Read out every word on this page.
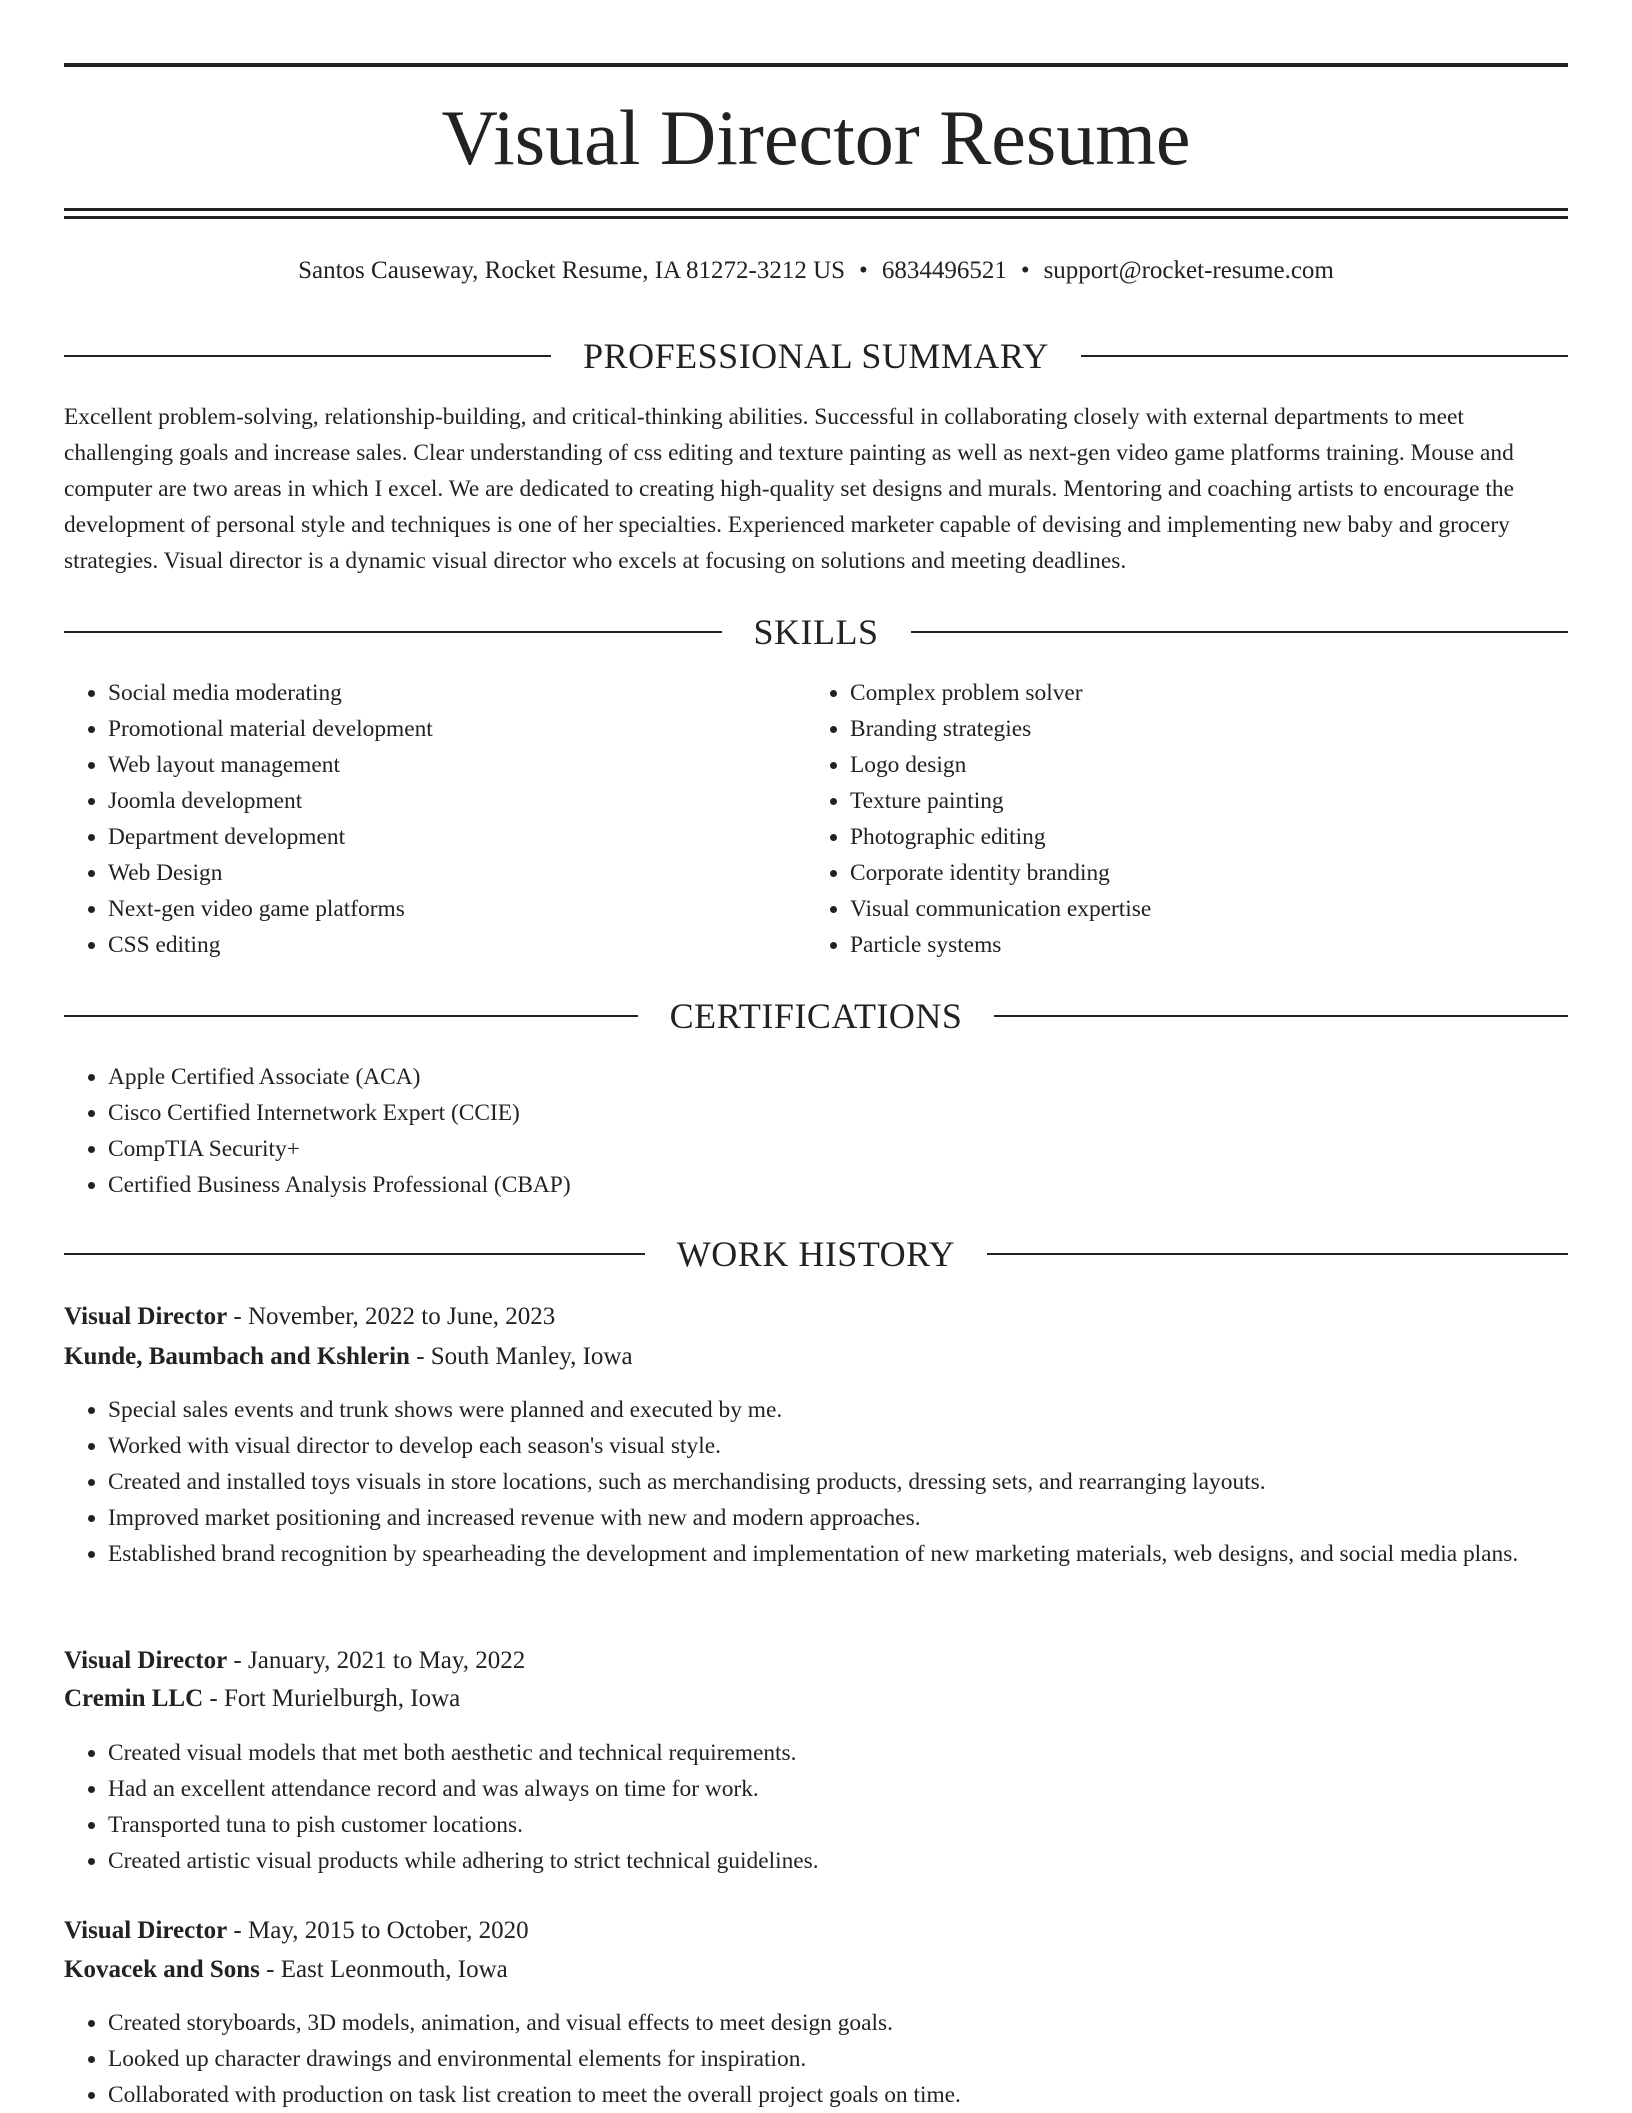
Visual Director Resume
Santos Causeway, Rocket Resume, IA 81272-3212 US • 6834496521 • support@rocket-resume.com
PROFESSIONAL SUMMARY
Excellent problem-solving, relationship-building, and critical-thinking abilities. Successful in collaborating closely with external departments to meet challenging goals and increase sales. Clear understanding of css editing and texture painting as well as next-gen video game platforms training. Mouse and computer are two areas in which I excel. We are dedicated to creating high-quality set designs and murals. Mentoring and coaching artists to encourage the development of personal style and techniques is one of her specialties. Experienced marketer capable of devising and implementing new baby and grocery strategies. Visual director is a dynamic visual director who excels at focusing on solutions and meeting deadlines.
SKILLS
• Social media moderating
• Promotional material development
• Web layout management
• Joomla development
• Department development
• Web Design
• Next-gen video game platforms
• CSS editing
• Complex problem solver
• Branding strategies
• Logo design
• Texture painting
• Photographic editing
• Corporate identity branding
• Visual communication expertise
• Particle systems
CERTIFICATIONS
• Apple Certified Associate (ACA)
• Cisco Certified Internetwork Expert (CCIE)
• CompTIA Security+
• Certified Business Analysis Professional (CBAP)
WORK HISTORY
Visual Director - November, 2022 to June, 2023
Kunde, Baumbach and Kshlerin - South Manley, Iowa
• Special sales events and trunk shows were planned and executed by me.
• Worked with visual director to develop each season's visual style.
• Created and installed toys visuals in store locations, such as merchandising products, dressing sets, and rearranging layouts.
• Improved market positioning and increased revenue with new and modern approaches.
• Established brand recognition by spearheading the development and implementation of new marketing materials, web designs, and social media plans.
Visual Director - January, 2021 to May, 2022
Cremin LLC - Fort Murielburgh, Iowa
• Created visual models that met both aesthetic and technical requirements.
• Had an excellent attendance record and was always on time for work.
• Transported tuna to pish customer locations.
• Created artistic visual products while adhering to strict technical guidelines.
Visual Director - May, 2015 to October, 2020
Kovacek and Sons - East Leonmouth, Iowa
• Created storyboards, 3D models, animation, and visual effects to meet design goals.
• Looked up character drawings and environmental elements for inspiration.
• Collaborated with production on task list creation to meet the overall project goals on time.
